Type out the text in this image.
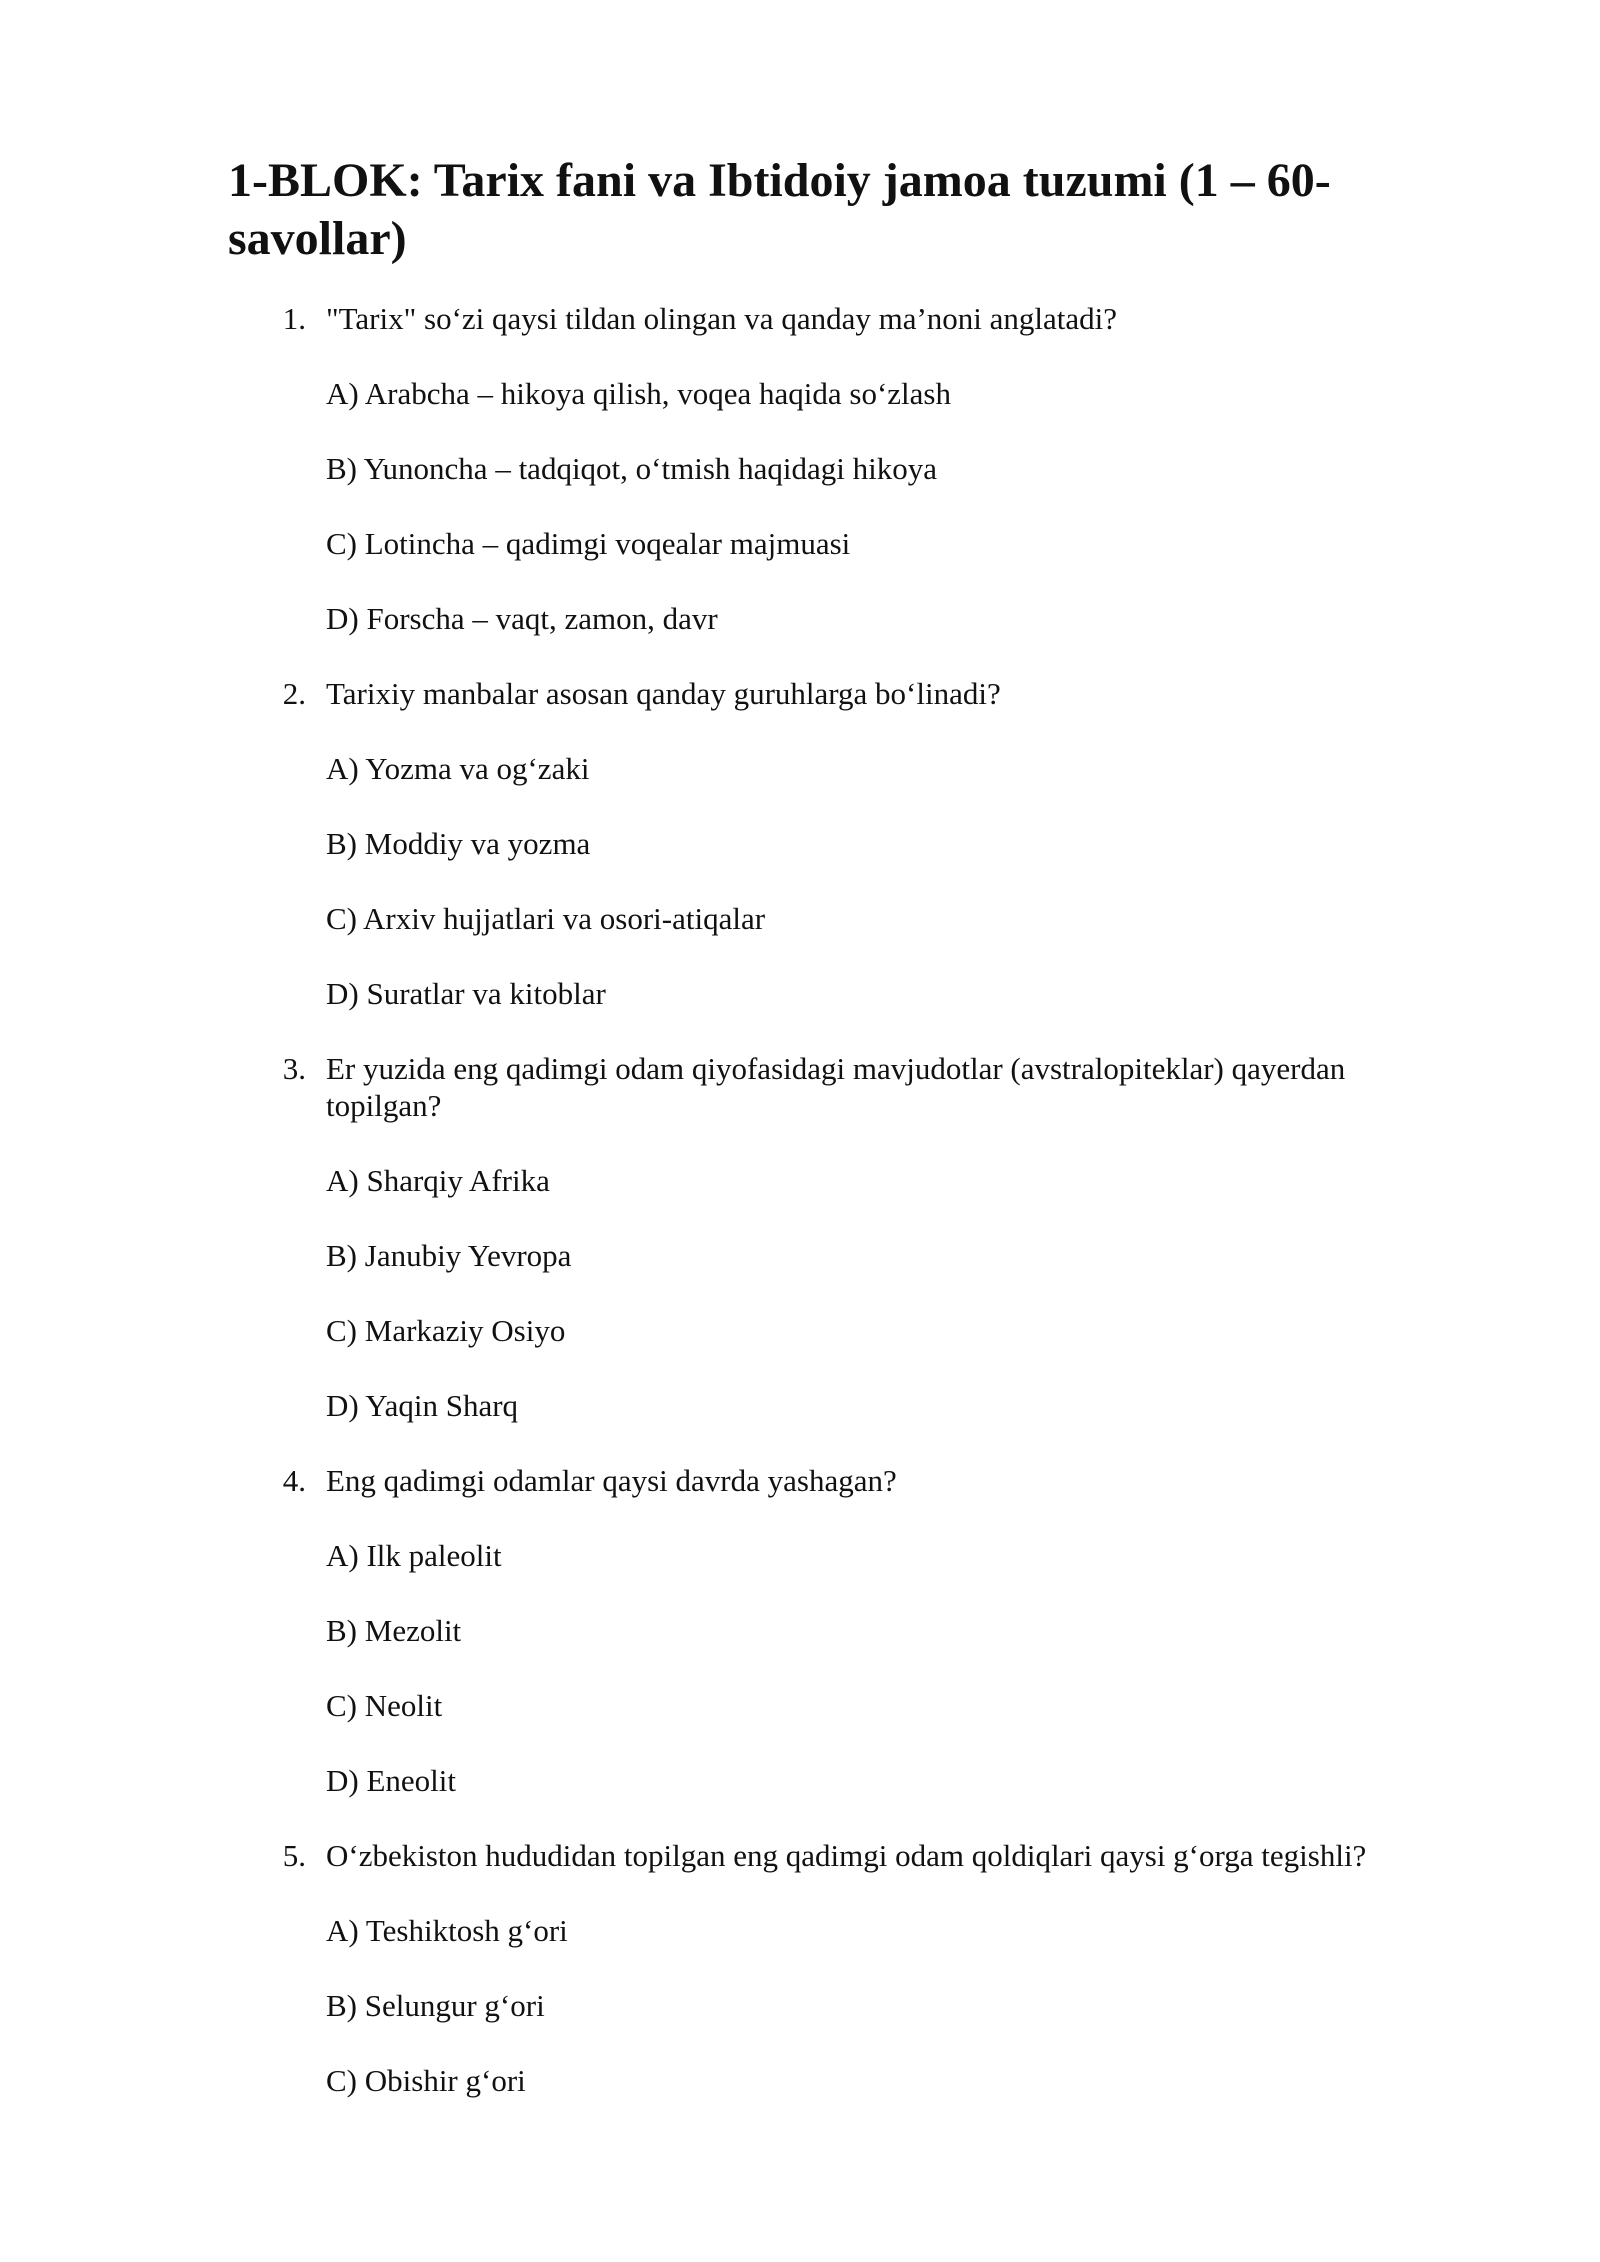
1-BLOK: Tarix fani va Ibtidoiy jamoa tuzumi (1 – 60-savollar)
1. "Tarix" so‘zi qaysi tildan olingan va qanday ma’noni anglatadi?

A) Arabcha – hikoya qilish, voqea haqida so‘zlash

B) Yunoncha – tadqiqot, o‘tmish haqidagi hikoya

C) Lotincha – qadimgi voqealar majmuasi

D) Forscha – vaqt, zamon, davr

2. Tarixiy manbalar asosan qanday guruhlarga bo‘linadi?

A) Yozma va og‘zaki

B) Moddiy va yozma

C) Arxiv hujjatlari va osori-atiqalar

D) Suratlar va kitoblar

3. Er yuzida eng qadimgi odam qiyofasidagi mavjudotlar (avstralopiteklar) qayerdan topilgan?

A) Sharqiy Afrika

B) Janubiy Yevropa

C) Markaziy Osiyo

D) Yaqin Sharq

4. Eng qadimgi odamlar qaysi davrda yashagan?

A) Ilk paleolit

B) Mezolit

C) Neolit

D) Eneolit

5. O‘zbekiston hududidan topilgan eng qadimgi odam qoldiqlari qaysi g‘orga tegishli?

A) Teshiktosh g‘ori

B) Selungur g‘ori

C) Obishir g‘ori
